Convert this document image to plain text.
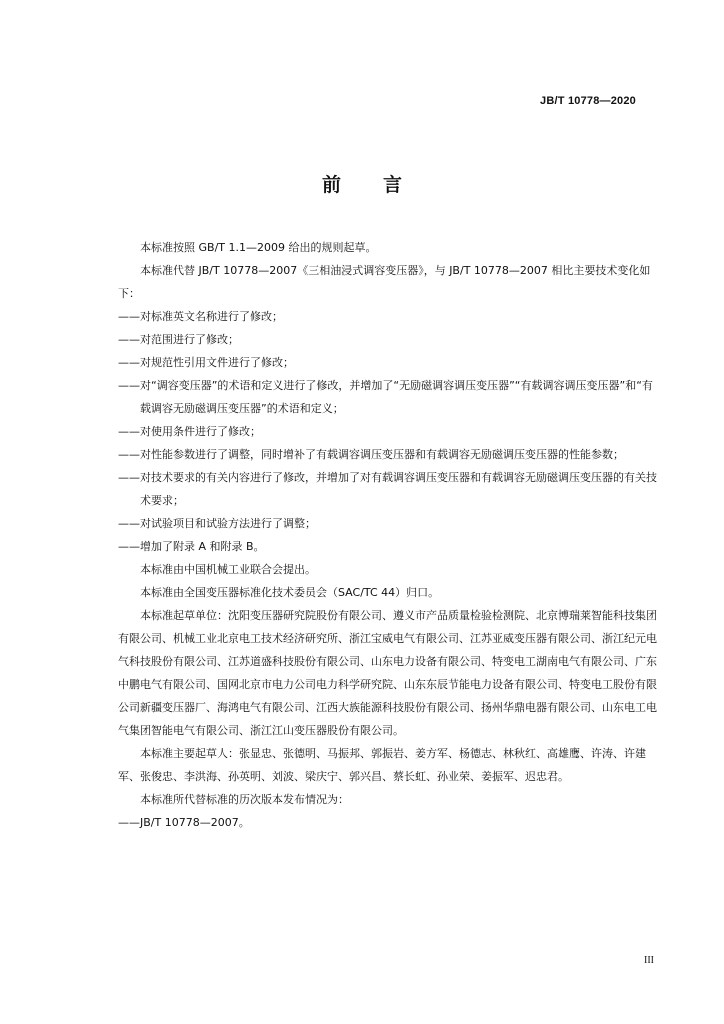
JB/T 10778—2020
前 言

本标准按照 GB/T 1.1—2009 给出的规则起草。

本标准代替 JB/T 10778—2007《三相油浸式调容变压器》，与 JB/T 10778—2007 相比主要技术变化如下：

——对标准英文名称进行了修改；

——对范围进行了修改；

——对规范性引用文件进行了修改；

——对“调容变压器”的术语和定义进行了修改，并增加了“无励磁调容调压变压器”“有载调容调压变压器”和“有载调容无励磁调压变压器”的术语和定义；

——对使用条件进行了修改；

——对性能参数进行了调整，同时增补了有载调容调压变压器和有载调容无励磁调压变压器的性能参数；

——对技术要求的有关内容进行了修改，并增加了对有载调容调压变压器和有载调容无励磁调压变压器的有关技术要求；

——对试验项目和试验方法进行了调整；

——增加了附录 A 和附录 B。

本标准由中国机械工业联合会提出。

本标准由全国变压器标准化技术委员会（SAC/TC 44）归口。

本标准起草单位：沈阳变压器研究院股份有限公司、遵义市产品质量检验检测院、北京博瑞莱智能科技集团有限公司、机械工业北京电工技术经济研究所、浙江宝威电气有限公司、江苏亚威变压器有限公司、浙江纪元电气科技股份有限公司、江苏道盛科技股份有限公司、山东电力设备有限公司、特变电工湖南电气有限公司、广东中鹏电气有限公司、国网北京市电力公司电力科学研究院、山东东辰节能电力设备有限公司、特变电工股份有限公司新疆变压器厂、海鸿电气有限公司、江西大族能源科技股份有限公司、扬州华鼎电器有限公司、山东电工电气集团智能电气有限公司、浙江江山变压器股份有限公司。

本标准主要起草人：张显忠、张德明、马振邦、郭振岩、姜方军、杨德志、林秋红、高雄鹰、许涛、许建军、张俊忠、李洪海、孙英明、刘波、梁庆宁、郭兴昌、蔡长虹、孙业荣、姜振军、迟忠君。

本标准所代替标准的历次版本发布情况为：

——JB/T 10778—2007。

III
